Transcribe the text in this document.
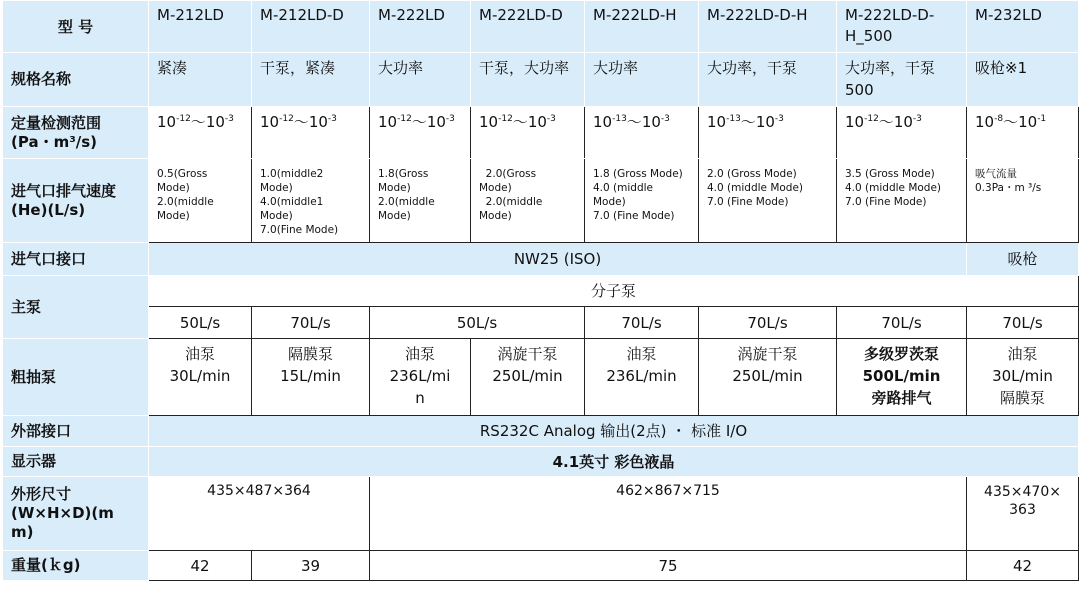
型 号	M-212LD	M-212LD-D	M-222LD	M-222LD-D	M-222LD-H	M-222LD-D-H	M-222LD-D-H_500	M-232LD

规格名称	紧凑	干泵，紧凑	大功率	干泵，大功率	大功率	大功率，干泵	大功率，干泵 500	吸枪※1

定量检测范围
(Pa・m³/s)	$10^{-12}\sim 10^{-3}$	$10^{-12}\sim 10^{-3}$	$10^{-12}\sim 10^{-3}$	$10^{-12}\sim 10^{-3}$	$10^{-13}\sim 10^{-3}$	$10^{-13}\sim 10^{-3}$	$10^{-12}\sim 10^{-3}$	$10^{-8}\sim 10^{-1}$

进气口排气速度
(He)(L/s)	0.5(Gross
Mode)
2.0(middle
Mode)	1.0(middle2
Mode)
4.0(middle1
Mode)
7.0(Fine Mode)	1.8(Gross
Mode)
2.0(middle
Mode)	2.0(Gross
Mode)
2.0(middle
Mode)	1.8 (Gross Mode)
4.0 (middle
Mode)
7.0 (Fine Mode)	2.0 (Gross Mode)
4.0 (middle Mode)
7.0 (Fine Mode)	3.5 (Gross Mode)
4.0 (middle Mode)
7.0 (Fine Mode)	吸气流量
0.3Pa・m ³/s

进气口接口	NW25 (ISO)							吸枪

主泵	分子泵							
	50L/s	70L/s	50L/s		70L/s	70L/s	70L/s	70L/s

粗抽泵	油泵
30L/min	隔膜泵
15L/min	油泵
236L/mi
n	涡旋干泵
250L/min	油泵
236L/min	涡旋干泵
250L/min	多级罗茨泵
500L/min
旁路排气	油泵
30L/min
隔膜泵

外部接口	RS232C Analog 输出(2点) ・ 标准 I/O							

显示器	4.1英寸 彩色液晶							

外形尺寸
(W×H×D)(m
m)	435×487×364		462×867×715					435×470×
363

重量(ｋg)	42	39	75					42
